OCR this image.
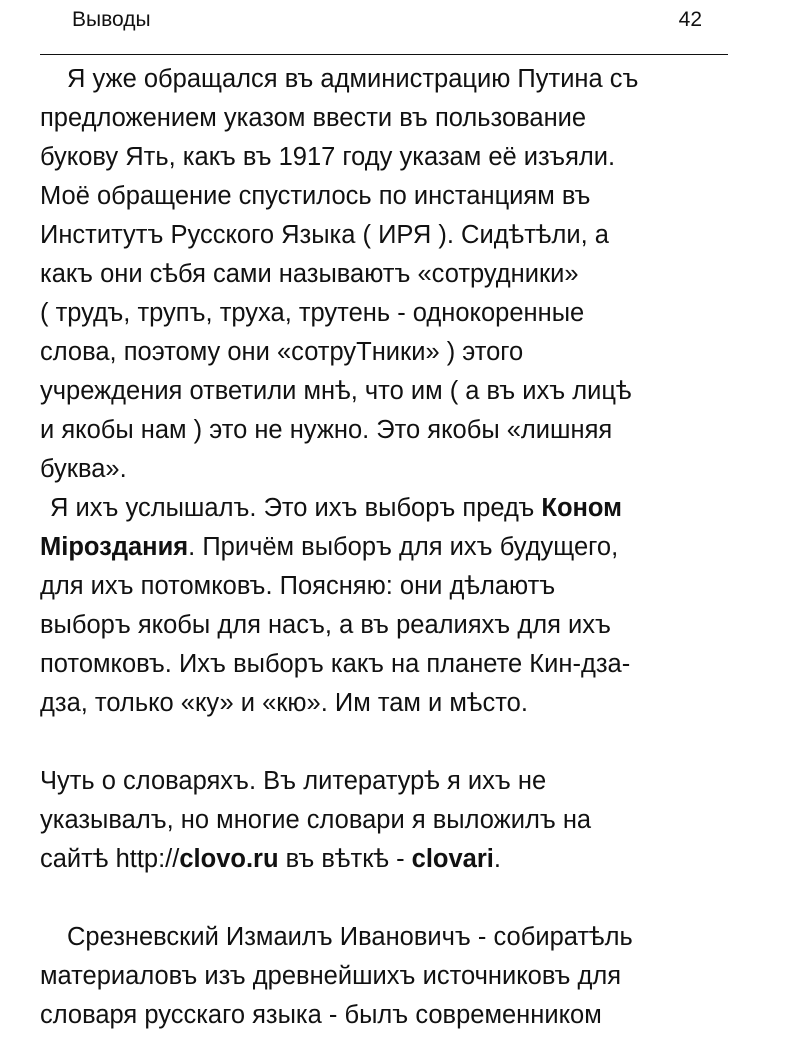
Выводы	42
Я уже обращался въ администрацию Путина съ
предложением указом ввести въ пользование
букову Ять, какъ въ 1917 году указам её изъяли.
Моё обращение спустилось по инстанциям въ
Институтъ Русского Языка ( ИРЯ ). Сидѣтѣли, а
какъ они сѣбя сами называютъ «сотрудники»
( трудъ, трупъ, труха, трутень - однокоренные
слова, поэтому они «сотруТники» ) этого
учреждения ответили мнѣ, что им ( а въ ихъ лицѣ
и якобы нам ) это не нужно. Это якобы «лишняя
буква».
Я ихъ услышалъ. Это ихъ выборъ предъ Коном
Міроздания. Причём выборъ для ихъ будущего,
для ихъ потомковъ. Поясняю: они дѣлаютъ
выборъ якобы для насъ, а въ реалияхъ для ихъ
потомковъ. Ихъ выборъ какъ на планете Кин-дза-
дза, только «ку» и «кю». Им там и мѣсто.
Чуть о словаряхъ. Въ литературѣ я ихъ не
указывалъ, но многие словари я выложилъ на
сайтѣ http://clovo.ru въ вѣткѣ - clovari.
Срезневский Измаилъ Ивановичъ - собиратѣль
материаловъ изъ древнейшихъ источниковъ для
словаря русскаго языка - былъ современником
